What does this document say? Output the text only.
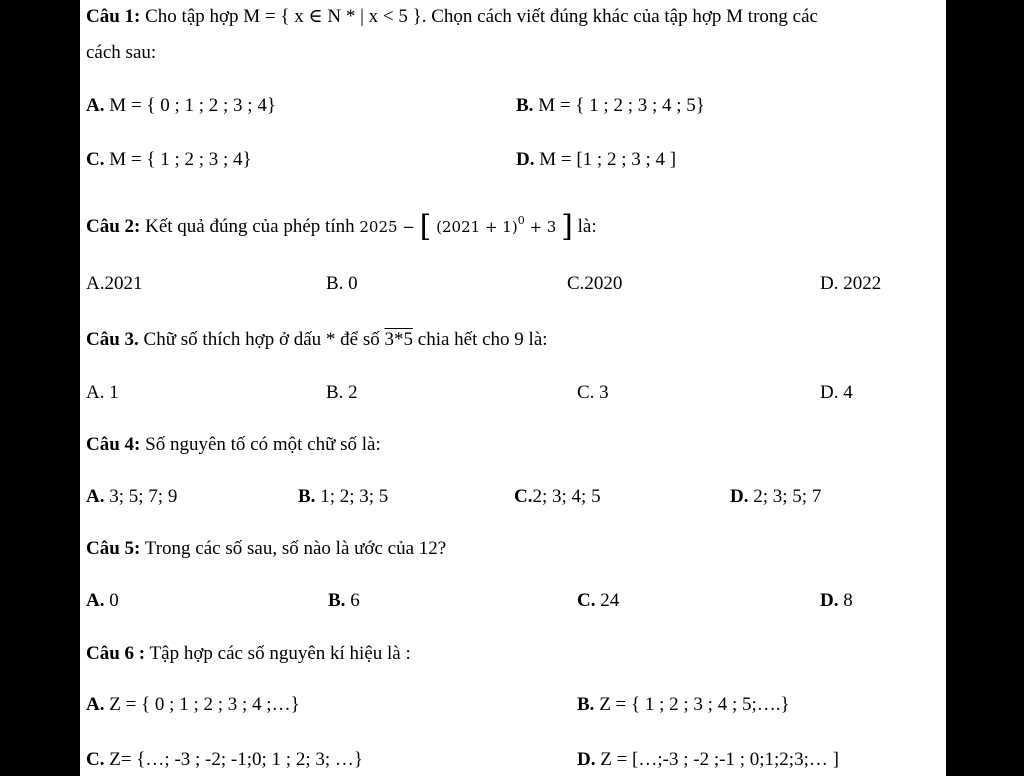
Câu 1: Cho tập hợp M = { x ∈ N * | x < 5 }. Chọn cách viết đúng khác của tập hợp M trong các
cách sau:
A. M = { 0 ; 1 ; 2 ; 3 ; 4}	B. M = { 1 ; 2 ; 3 ; 4 ; 5}
C. M = { 1 ; 2 ; 3 ; 4}	D. M = [1 ; 2 ; 3 ; 4 ]
Câu 2: Kết quả đúng của phép tính 2025 − [ $(2021 + 1)^0 + 3$ ] là:
A.2021	B. 0	C.2020	D. 2022
Câu 3. Chữ số thích hợp ở dấu * để số 3*5 chia hết cho 9 là:
A. 1	B. 2	C. 3	D. 4
Câu 4: Số nguyên tố có một chữ số là:
A. 3; 5; 7; 9	B. 1; 2; 3; 5	C.2; 3; 4; 5	D. 2; 3; 5; 7
Câu 5: Trong các số sau, số nào là ước của 12?
A. 0	B. 6	C. 24	D. 8
Câu 6 : Tập hợp các số nguyên kí hiệu là :
A. Z = { 0 ; 1 ; 2 ; 3 ; 4 ;…}	B. Z = { 1 ; 2 ; 3 ; 4 ; 5;….}
C. Z= {…; -3 ; -2; -1;0; 1 ; 2; 3; …}	D. Z = […;-3 ; -2 ;-1 ; 0;1;2;3;… ]
